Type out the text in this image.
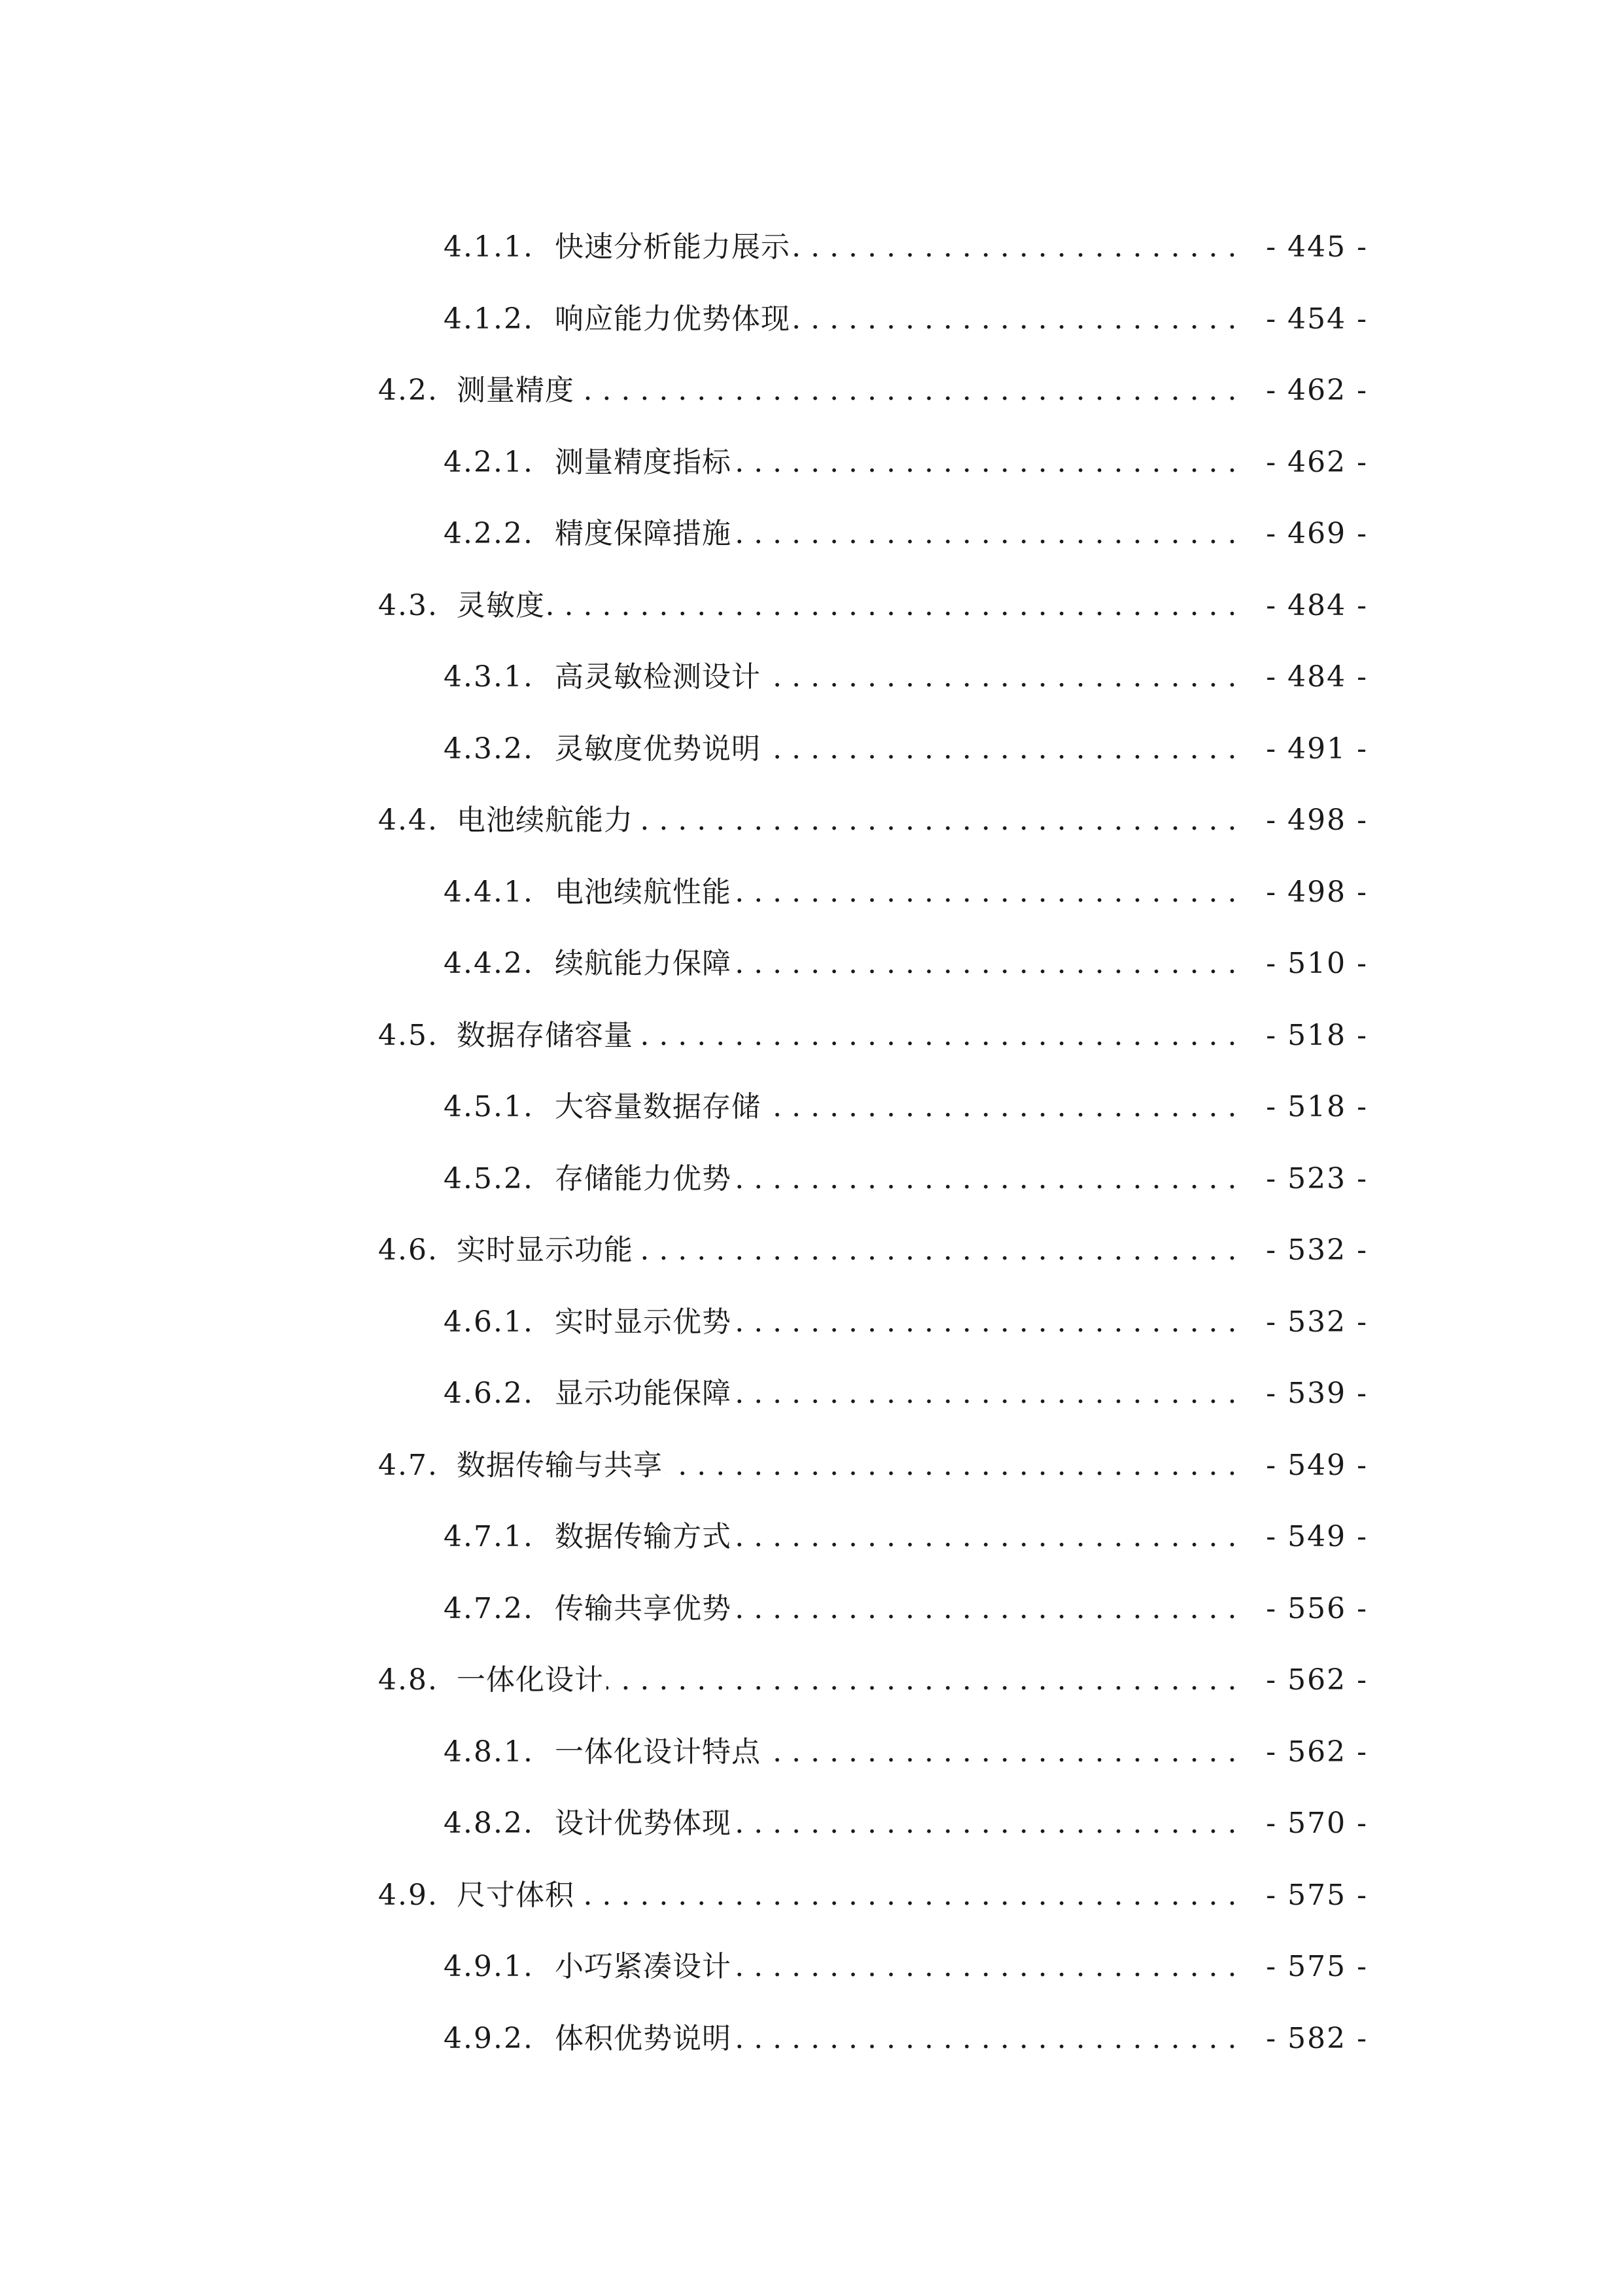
4.1.1. 快速分析能力展示 . . .	- 445 -
4.1.2. 响应能力优势体现 . . .	- 454 -
4.2. 测量精度 . . .	- 462 -
4.2.1. 测量精度指标 . . .	- 462 -
4.2.2. 精度保障措施 . . .	- 469 -
4.3. 灵敏度 . . .	- 484 -
4.3.1. 高灵敏检测设计 . . .	- 484 -
4.3.2. 灵敏度优势说明 . . .	- 491 -
4.4. 电池续航能力 . . .	- 498 -
4.4.1. 电池续航性能 . . .	- 498 -
4.4.2. 续航能力保障 . . .	- 510 -
4.5. 数据存储容量 . . .	- 518 -
4.5.1. 大容量数据存储 . . .	- 518 -
4.5.2. 存储能力优势 . . .	- 523 -
4.6. 实时显示功能 . . .	- 532 -
4.6.1. 实时显示优势 . . .	- 532 -
4.6.2. 显示功能保障 . . .	- 539 -
4.7. 数据传输与共享 . . .	- 549 -
4.7.1. 数据传输方式 . . .	- 549 -
4.7.2. 传输共享优势 . . .	- 556 -
4.8. 一体化设计 . . .	- 562 -
4.8.1. 一体化设计特点 . . .	- 562 -
4.8.2. 设计优势体现 . . .	- 570 -
4.9. 尺寸体积 . . .	- 575 -
4.9.1. 小巧紧凑设计 . . .	- 575 -
4.9.2. 体积优势说明 . . .	- 582 -
